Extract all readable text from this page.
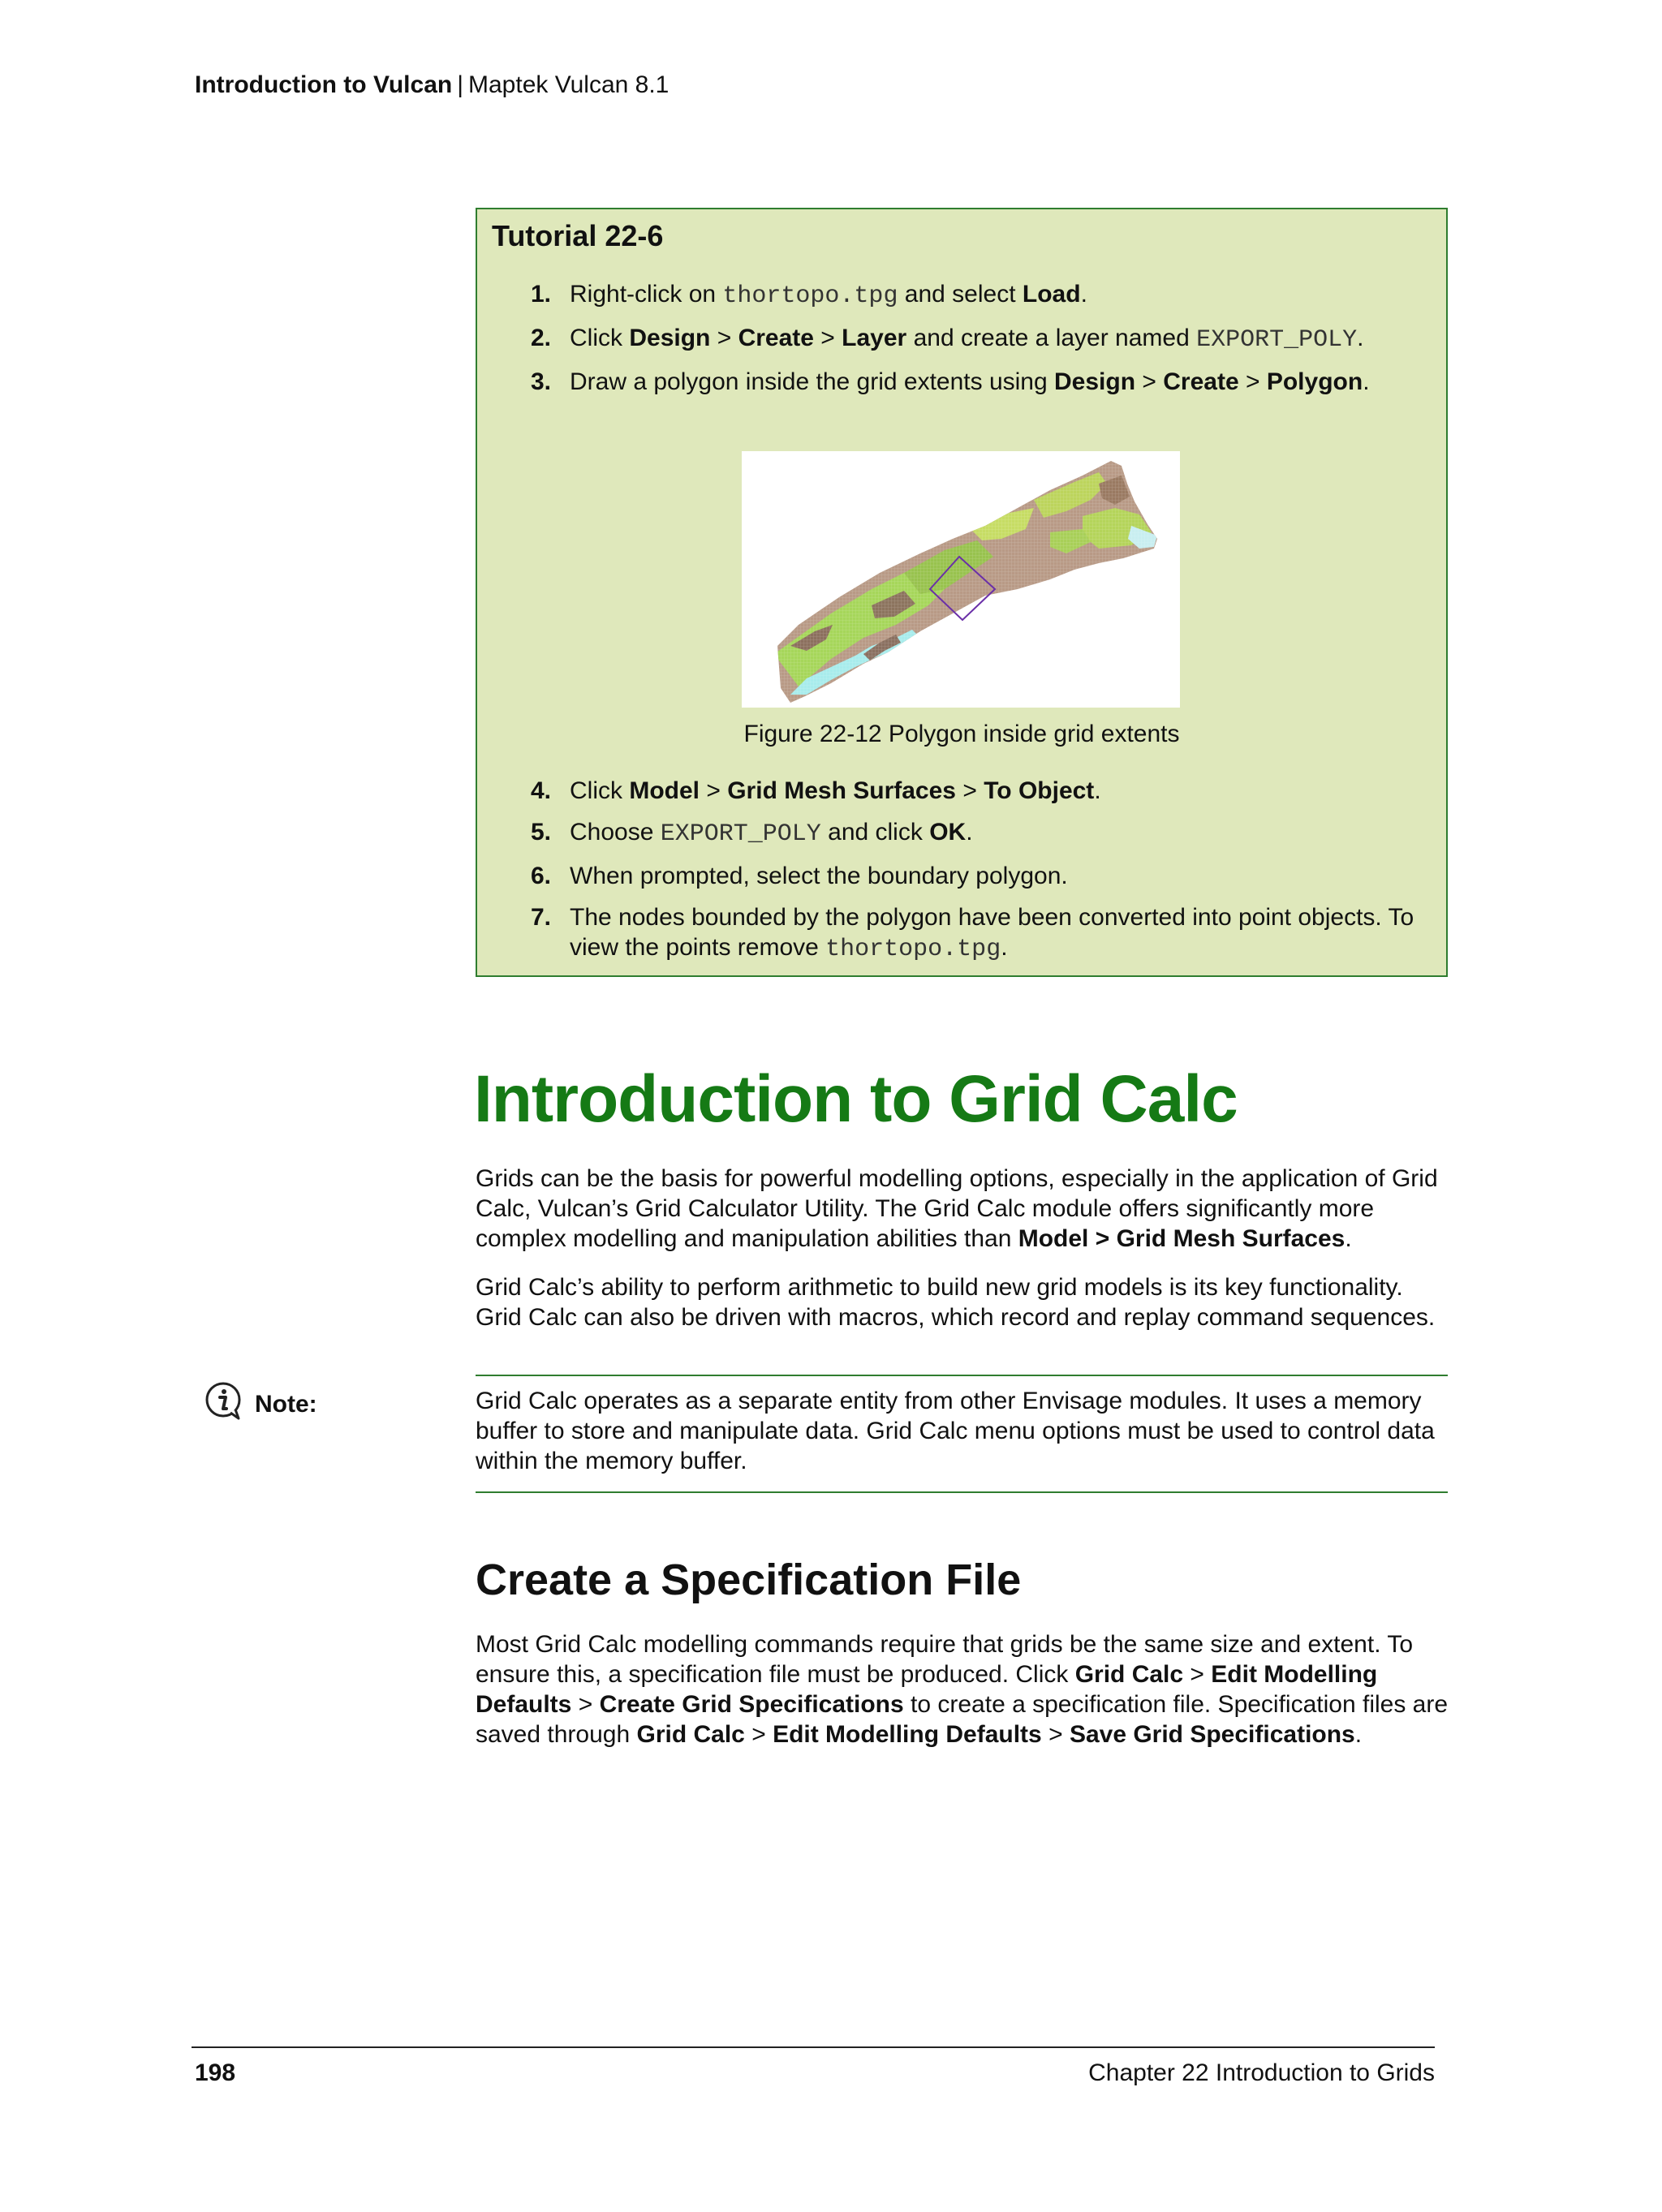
Introduction to Vulcan | Maptek Vulcan 8.1
Tutorial 22-6
1. Right-click on thortopo.tpg and select Load.
2. Click Design > Create > Layer and create a layer named EXPORT_POLY.
3. Draw a polygon inside the grid extents using Design > Create > Polygon.
Figure 22-12 Polygon inside grid extents
4. Click Model > Grid Mesh Surfaces > To Object.
5. Choose EXPORT_POLY and click OK.
6. When prompted, select the boundary polygon.
7. The nodes bounded by the polygon have been converted into point objects. To view the points remove thortopo.tpg.
Introduction to Grid Calc

Grids can be the basis for powerful modelling options, especially in the application of Grid Calc, Vulcan’s Grid Calculator Utility. The Grid Calc module offers significantly more complex modelling and manipulation abilities than Model > Grid Mesh Surfaces.

Grid Calc’s ability to perform arithmetic to build new grid models is its key functionality. Grid Calc can also be driven with macros, which record and replay command sequences.

Note:	Grid Calc operates as a separate entity from other Envisage modules. It uses a memory buffer to store and manipulate data. Grid Calc menu options must be used to control data within the memory buffer.

Create a Specification File

Most Grid Calc modelling commands require that grids be the same size and extent. To ensure this, a specification file must be produced. Click Grid Calc > Edit Modelling Defaults > Create Grid Specifications to create a specification file. Specification files are saved through Grid Calc > Edit Modelling Defaults > Save Grid Specifications.

198	Chapter 22 Introduction to Grids
